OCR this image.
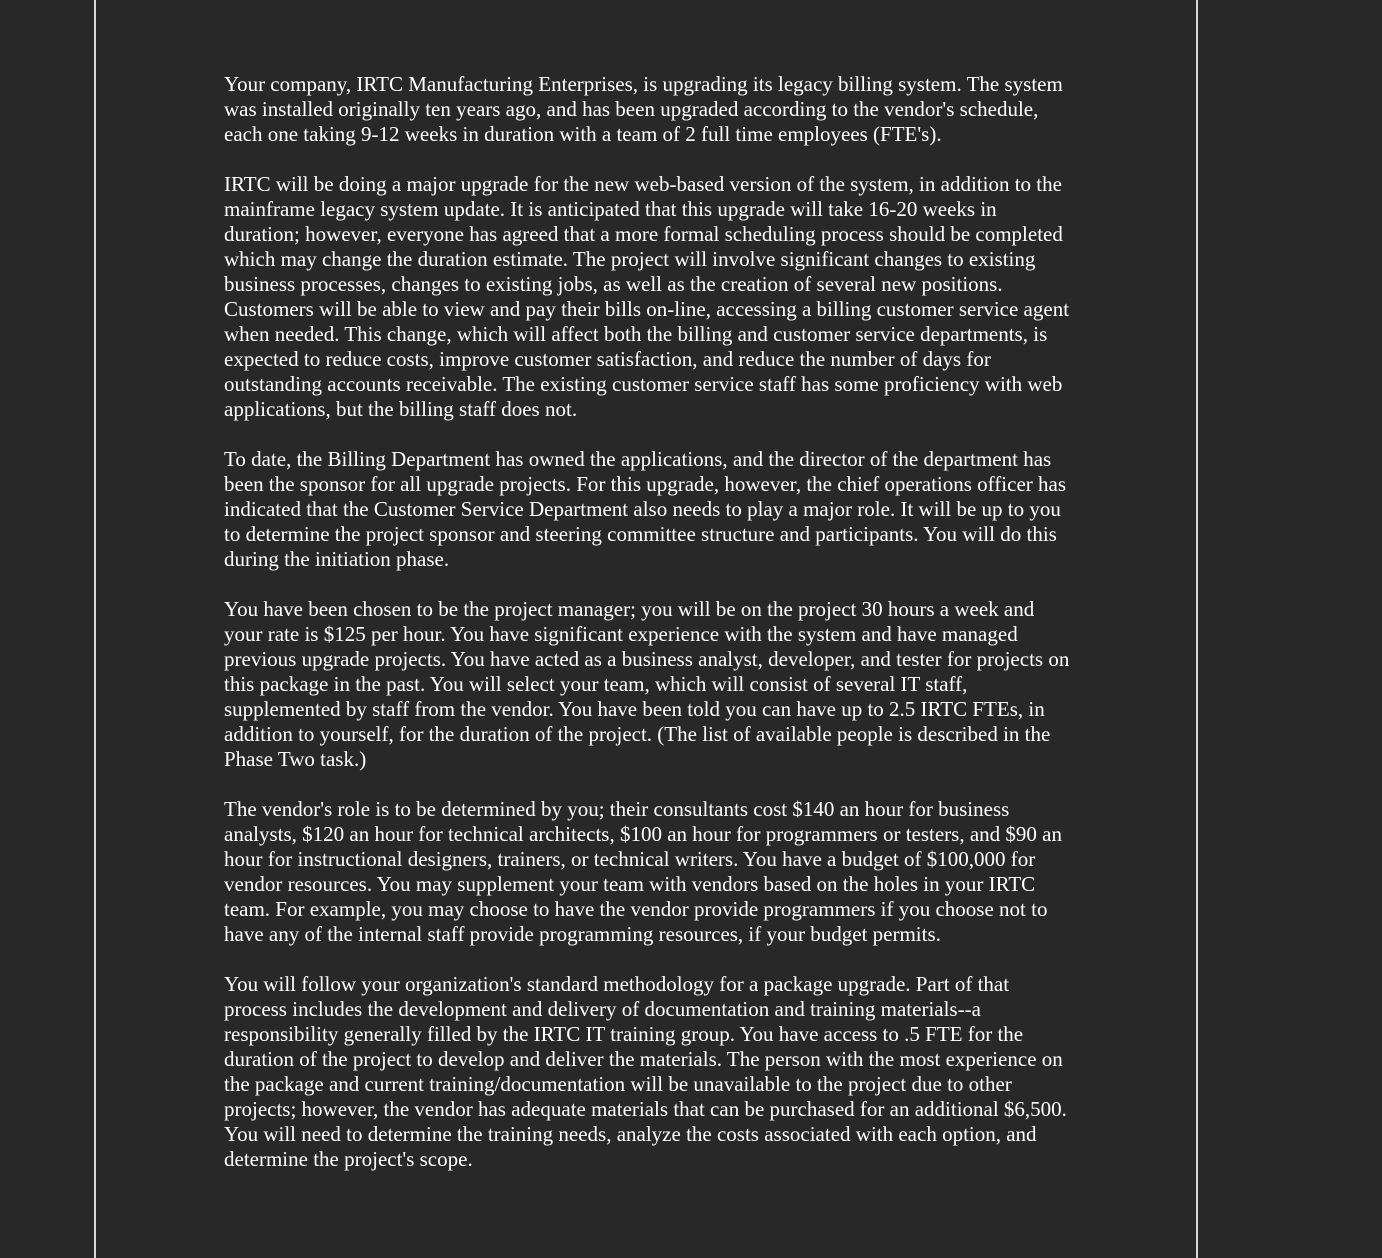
Your company, IRTC Manufacturing Enterprises, is upgrading its legacy billing system. The system was installed originally ten years ago, and has been upgraded according to the vendor's schedule, each one taking 9-12 weeks in duration with a team of 2 full time employees (FTE's).

IRTC will be doing a major upgrade for the new web-based version of the system, in addition to the mainframe legacy system update. It is anticipated that this upgrade will take 16-20 weeks in duration; however, everyone has agreed that a more formal scheduling process should be completed which may change the duration estimate. The project will involve significant changes to existing business processes, changes to existing jobs, as well as the creation of several new positions. Customers will be able to view and pay their bills on-line, accessing a billing customer service agent when needed. This change, which will affect both the billing and customer service departments, is expected to reduce costs, improve customer satisfaction, and reduce the number of days for outstanding accounts receivable. The existing customer service staff has some proficiency with web applications, but the billing staff does not.

To date, the Billing Department has owned the applications, and the director of the department has been the sponsor for all upgrade projects. For this upgrade, however, the chief operations officer has indicated that the Customer Service Department also needs to play a major role. It will be up to you to determine the project sponsor and steering committee structure and participants. You will do this during the initiation phase.

You have been chosen to be the project manager; you will be on the project 30 hours a week and your rate is $125 per hour. You have significant experience with the system and have managed previous upgrade projects. You have acted as a business analyst, developer, and tester for projects on this package in the past. You will select your team, which will consist of several IT staff, supplemented by staff from the vendor. You have been told you can have up to 2.5 IRTC FTEs, in addition to yourself, for the duration of the project. (The list of available people is described in the Phase Two task.)

The vendor's role is to be determined by you; their consultants cost $140 an hour for business analysts, $120 an hour for technical architects, $100 an hour for programmers or testers, and $90 an hour for instructional designers, trainers, or technical writers. You have a budget of $100,000 for vendor resources. You may supplement your team with vendors based on the holes in your IRTC team. For example, you may choose to have the vendor provide programmers if you choose not to have any of the internal staff provide programming resources, if your budget permits.

You will follow your organization's standard methodology for a package upgrade. Part of that process includes the development and delivery of documentation and training materials--a responsibility generally filled by the IRTC IT training group. You have access to .5 FTE for the duration of the project to develop and deliver the materials. The person with the most experience on the package and current training/documentation will be unavailable to the project due to other projects; however, the vendor has adequate materials that can be purchased for an additional $6,500. You will need to determine the training needs, analyze the costs associated with each option, and determine the project's scope.
